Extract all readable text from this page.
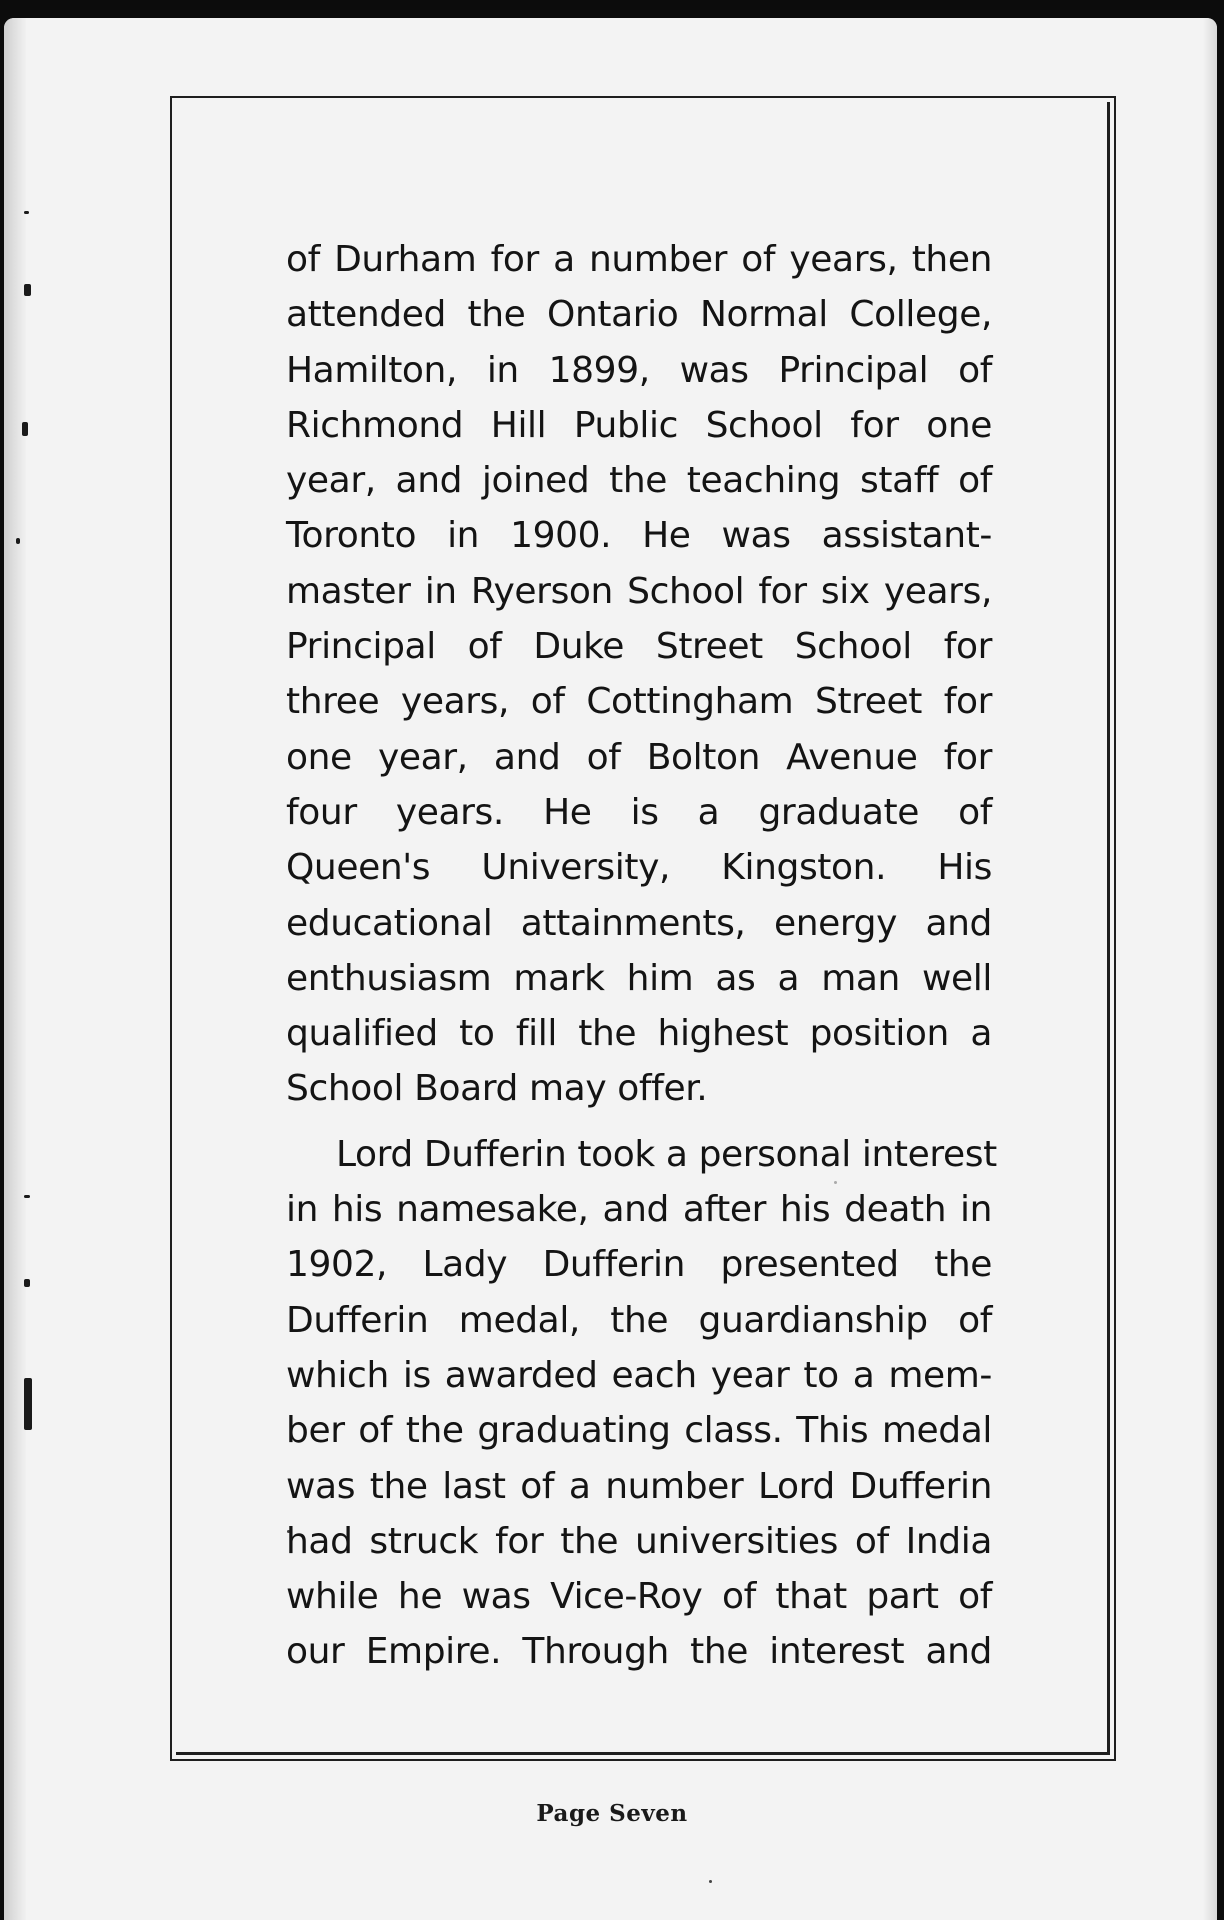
of Durham for a number of years, then
attended the Ontario Normal College,
Hamilton, in 1899, was Principal of
Richmond Hill Public School for one
year, and joined the teaching staff of
Toronto in 1900. He was assistant-
master in Ryerson School for six years,
Principal of Duke Street School for
three years, of Cottingham Street for
one year, and of Bolton Avenue for
four years. He is a graduate of
Queen's University, Kingston. His
educational attainments, energy and
enthusiasm mark him as a man well
qualified to fill the highest position a
School Board may offer.
Lord Dufferin took a personal interest
in his namesake, and after his death in
1902, Lady Dufferin presented the
Dufferin medal, the guardianship of
which is awarded each year to a mem-
ber of the graduating class. This medal
was the last of a number Lord Dufferin
had struck for the universities of India
while he was Vice-Roy of that part of
our Empire. Through the interest and
Page Seven
